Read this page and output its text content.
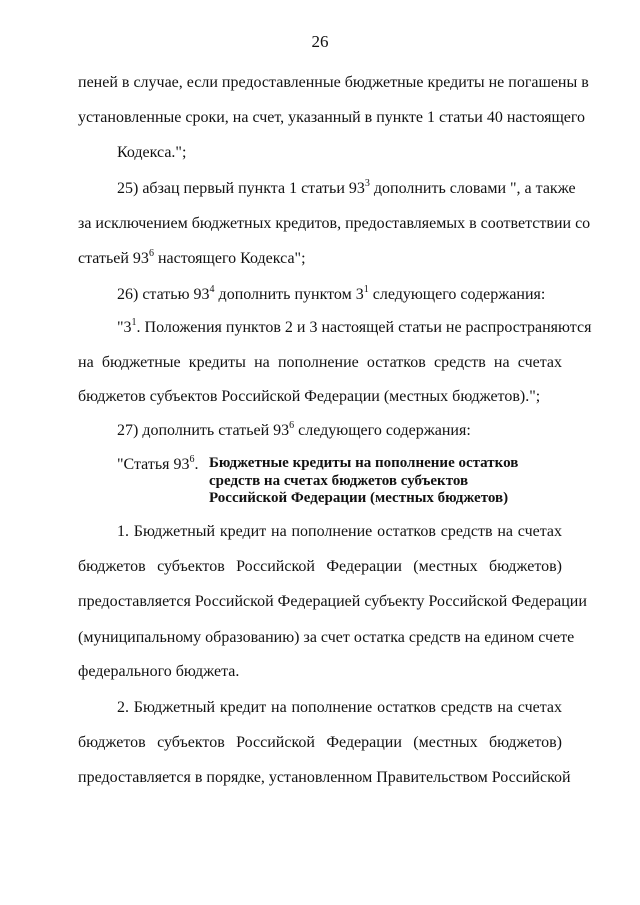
26
пеней в случае, если предоставленные бюджетные кредиты не погашены в
установленные сроки, на счет, указанный в пункте 1 статьи 40 настоящего
Кодекса.";
25) абзац первый пункта 1 статьи $93^3$ дополнить словами ", а также
за исключением бюджетных кредитов, предоставляемых в соответствии со
статьей $93^6$ настоящего Кодекса";
26) статью $93^4$ дополнить пунктом $3^1$ следующего содержания:
"$3^1$. Положения пунктов 2 и 3 настоящей статьи не распространяются
на бюджетные кредиты на пополнение остатков средств на счетах
бюджетов субъектов Российской Федерации (местных бюджетов).";
27) дополнить статьей $93^6$ следующего содержания:
"Статья $93^6$. Бюджетные кредиты на пополнение остатков
средств на счетах бюджетов субъектов
Российской Федерации (местных бюджетов)
1. Бюджетный кредит на пополнение остатков средств на счетах
бюджетов субъектов Российской Федерации (местных бюджетов)
предоставляется Российской Федерацией субъекту Российской Федерации
(муниципальному образованию) за счет остатка средств на едином счете
федерального бюджета.
2. Бюджетный кредит на пополнение остатков средств на счетах
бюджетов субъектов Российской Федерации (местных бюджетов)
предоставляется в порядке, установленном Правительством Российской
